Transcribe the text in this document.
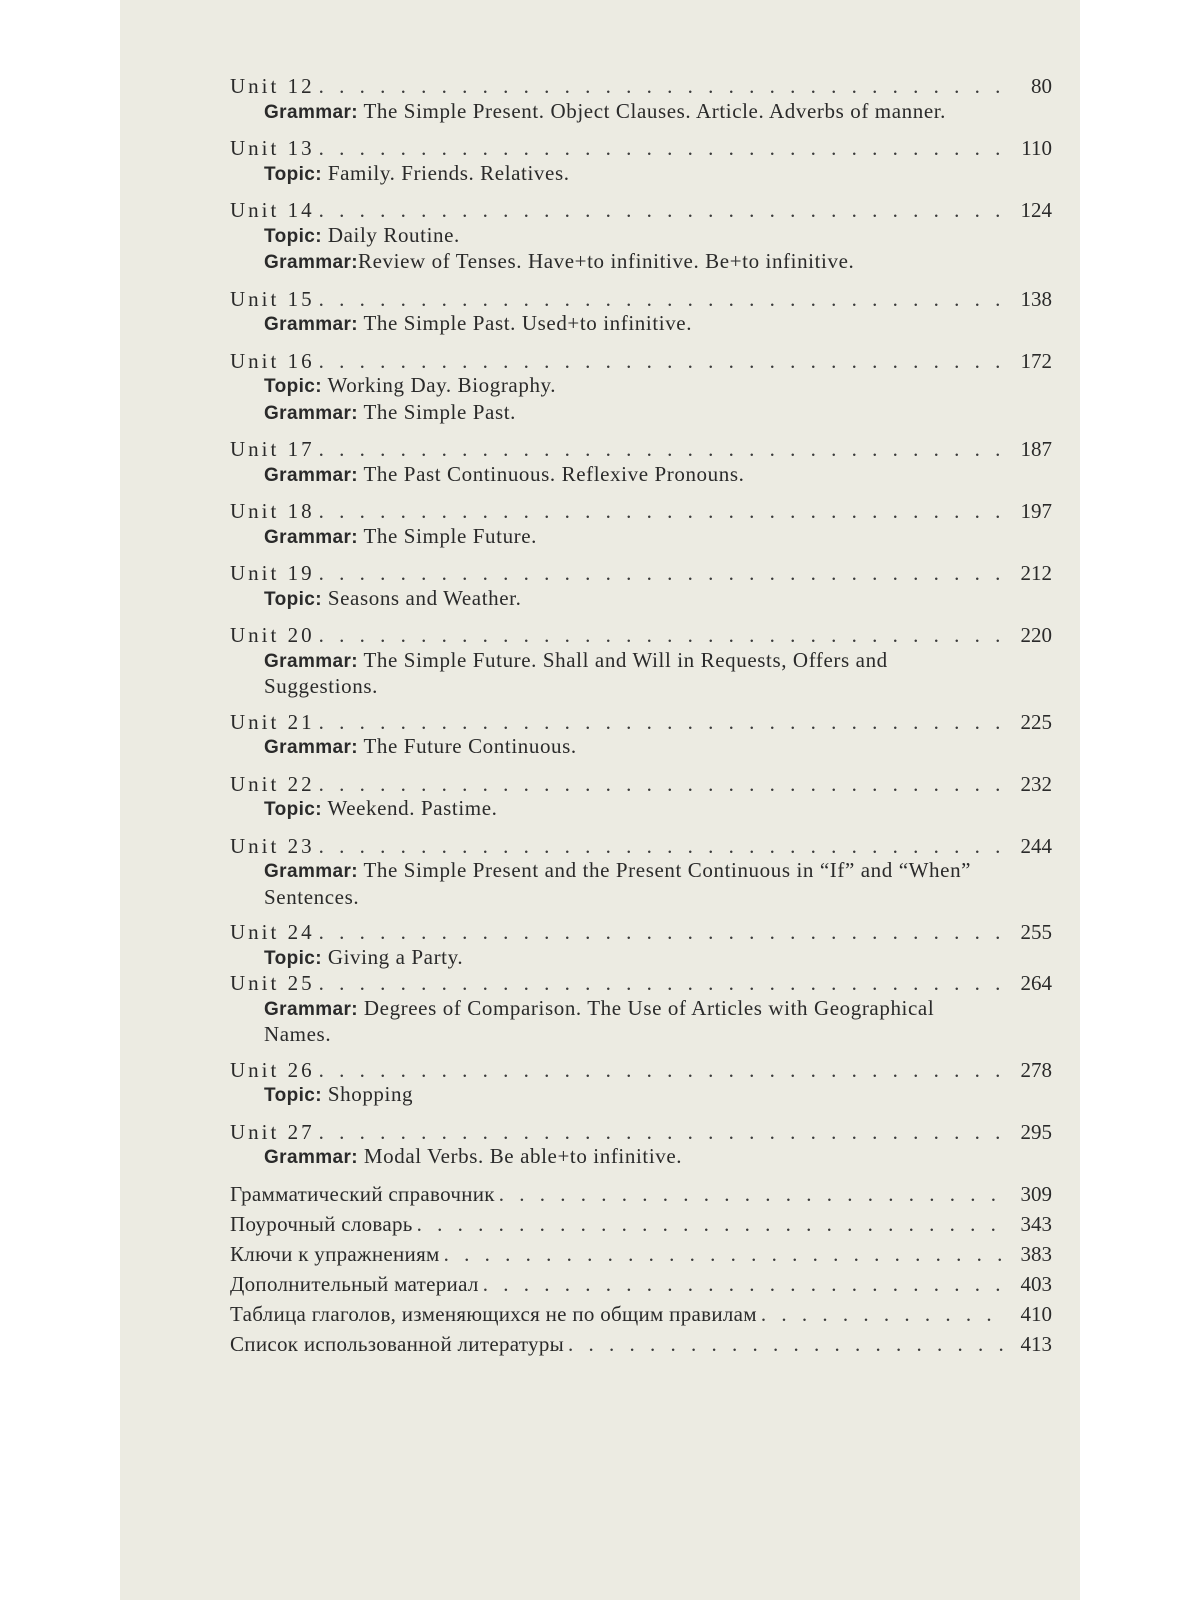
Unit 12 . . .	80
Grammar: The Simple Present. Object Clauses. Article. Adverbs of manner.
Unit 13 . . .	110
Topic: Family. Friends. Relatives.
Unit 14 . . .	124
Topic: Daily Routine.
Grammar:Review of Tenses. Have+to infinitive. Be+to infinitive.
Unit 15 . . .	138
Grammar: The Simple Past. Used+to infinitive.
Unit 16 . . .	172
Topic: Working Day. Biography.
Grammar: The Simple Past.
Unit 17 . . .	187
Grammar: The Past Continuous. Reflexive Pronouns.
Unit 18 . . .	197
Grammar: The Simple Future.
Unit 19 . . .	212
Topic: Seasons and Weather.
Unit 20 . . .	220
Grammar: The Simple Future. Shall and Will in Requests, Offers and Suggestions.
Unit 21 . . .	225
Grammar: The Future Continuous.
Unit 22 . . .	232
Topic: Weekend. Pastime.
Unit 23 . . .	244
Grammar: The Simple Present and the Present Continuous in “If” and “When” Sentences.
Unit 24 . . .	255
Topic: Giving a Party.
Unit 25 . . .	264
Grammar: Degrees of Comparison. The Use of Articles with Geographical Names.
Unit 26 . . .	278
Topic: Shopping
Unit 27 . . .	295
Grammar: Modal Verbs. Be able+to infinitive.
Грамматический справочник . . .	309
Поурочный словарь . . .	343
Ключи к упражнениям . . .	383
Дополнительный материал . . .	403
Таблица глаголов, изменяющихся не по общим правилам . . .	410
Список использованной литературы . . .	413
